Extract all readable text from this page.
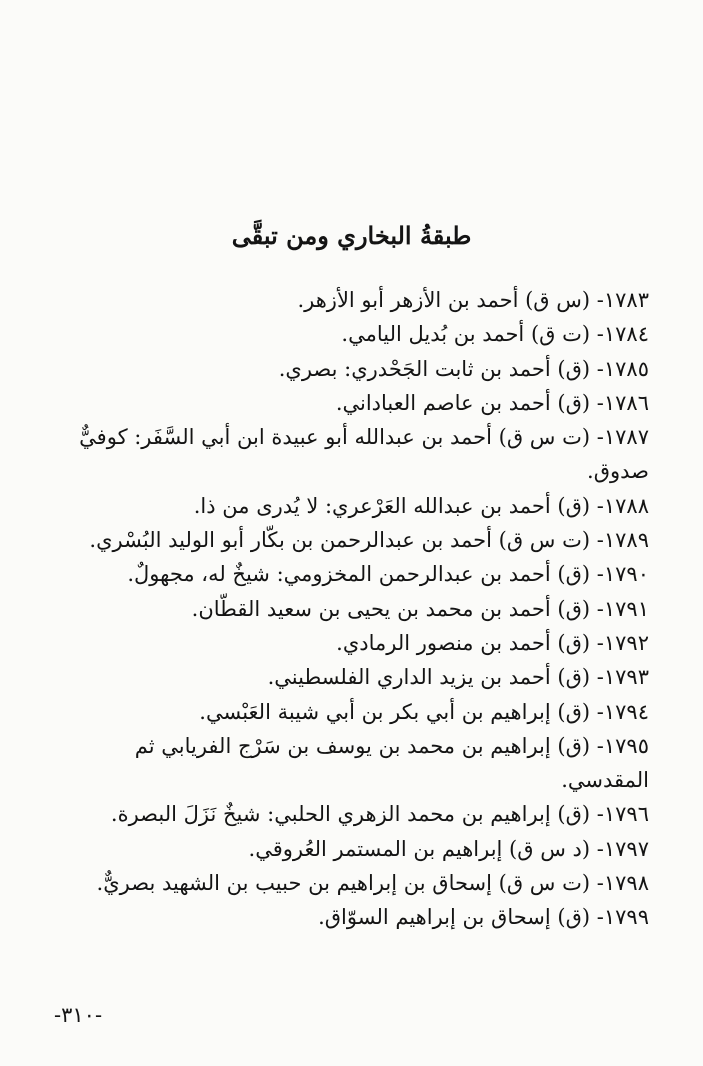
طبقةُ البخاري ومن تبقَّى

١٧٨٣- (س ق) أحمد بن الأزهر أبو الأزهر.

١٧٨٤- (ت ق) أحمد بن بُديل اليامي.

١٧٨٥- (ق) أحمد بن ثابت الجَحْدري: بصري.

١٧٨٦- (ق) أحمد بن عاصم العباداني.

١٧٨٧- (ت س ق) أحمد بن عبدالله أبو عبيدة ابن أبي السَّفَر: كوفيٌّ صدوق.

١٧٨٨- (ق) أحمد بن عبدالله العَرْعري: لا يُدرى من ذا.

١٧٨٩- (ت س ق) أحمد بن عبدالرحمن بن بكّار أبو الوليد البُسْري.

١٧٩٠- (ق) أحمد بن عبدالرحمن المخزومي: شيخٌ له، مجهولٌ.

١٧٩١- (ق) أحمد بن محمد بن يحيى بن سعيد القطّان.

١٧٩٢- (ق) أحمد بن منصور الرمادي.

١٧٩٣- (ق) أحمد بن يزيد الداري الفلسطيني.

١٧٩٤- (ق) إبراهيم بن أبي بكر بن أبي شيبة العَبْسي.

١٧٩٥- (ق) إبراهيم بن محمد بن يوسف بن سَرْج الفريابي ثم المقدسي.

١٧٩٦- (ق) إبراهيم بن محمد الزهري الحلبي: شيخٌ نَزَلَ البصرة.

١٧٩٧- (د س ق) إبراهيم بن المستمر العُروقي.

١٧٩٨- (ت س ق) إسحاق بن إبراهيم بن حبيب بن الشهيد بصريٌّ.

١٧٩٩- (ق) إسحاق بن إبراهيم السوّاق.

-٣١٠-
